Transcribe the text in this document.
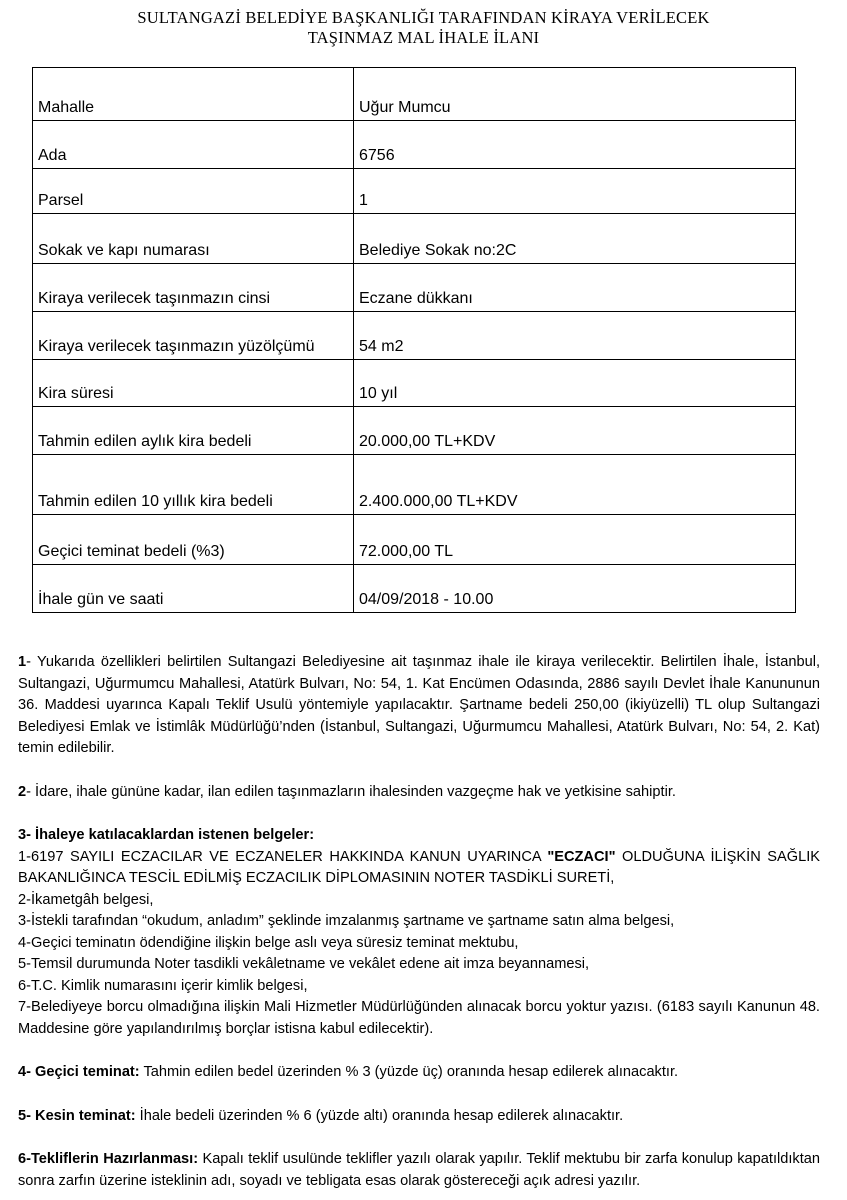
SULTANGAZİ BELEDİYE BAŞKANLIĞI TARAFINDAN KİRAYA VERİLECEK
TAŞINMAZ MAL İHALE İLANI
Mahalle	Uğur Mumcu
Ada	6756
Parsel	1
Sokak ve kapı numarası	Belediye Sokak no:2C
Kiraya verilecek taşınmazın cinsi	Eczane dükkanı
Kiraya verilecek taşınmazın yüzölçümü	54 m2
Kira süresi	10 yıl
Tahmin edilen aylık kira bedeli	20.000,00 TL+KDV
Tahmin edilen 10 yıllık kira bedeli	2.400.000,00 TL+KDV
Geçici teminat bedeli (%3)	72.000,00 TL
İhale gün ve saati	04/09/2018 - 10.00

1- Yukarıda özellikleri belirtilen Sultangazi Belediyesine ait taşınmaz ihale ile kiraya verilecektir. Belirtilen İhale, İstanbul, Sultangazi, Uğurmumcu Mahallesi, Atatürk Bulvarı, No: 54, 1. Kat Encümen Odasında, 2886 sayılı Devlet İhale Kanununun 36. Maddesi uyarınca Kapalı Teklif Usulü yöntemiyle yapılacaktır. Şartname bedeli 250,00 (ikiyüzelli) TL olup Sultangazi Belediyesi Emlak ve İstimlâk Müdürlüğü’nden (İstanbul, Sultangazi, Uğurmumcu Mahallesi, Atatürk Bulvarı, No: 54, 2. Kat) temin edilebilir.

2- İdare, ihale gününe kadar, ilan edilen taşınmazların ihalesinden vazgeçme hak ve yetkisine sahiptir.

3- İhaleye katılacaklardan istenen belgeler:

1-6197 SAYILI ECZACILAR VE ECZANELER HAKKINDA KANUN UYARINCA "ECZACI" OLDUĞUNA İLİŞKİN SAĞLIK BAKANLIĞINCA TESCİL EDİLMİŞ ECZACILIK DİPLOMASININ NOTER TASDİKLİ SURETİ,

2-İkametgâh belgesi,

3-İstekli tarafından “okudum, anladım” şeklinde imzalanmış şartname ve şartname satın alma belgesi,

4-Geçici teminatın ödendiğine ilişkin belge aslı veya süresiz teminat mektubu,

5-Temsil durumunda Noter tasdikli vekâletname ve vekâlet edene ait imza beyannamesi,

6-T.C. Kimlik numarasını içerir kimlik belgesi,

7-Belediyeye borcu olmadığına ilişkin Mali Hizmetler Müdürlüğünden alınacak borcu yoktur yazısı. (6183 sayılı Kanunun 48. Maddesine göre yapılandırılmış borçlar istisna kabul edilecektir).

4- Geçici teminat: Tahmin edilen bedel üzerinden % 3 (yüzde üç) oranında hesap edilerek alınacaktır.

5- Kesin teminat: İhale bedeli üzerinden % 6 (yüzde altı) oranında hesap edilerek alınacaktır.

6-Tekliflerin Hazırlanması: Kapalı teklif usulünde teklifler yazılı olarak yapılır. Teklif mektubu bir zarfa konulup kapatıldıktan sonra zarfın üzerine isteklinin adı, soyadı ve tebligata esas olarak göstereceği açık adresi yazılır.
